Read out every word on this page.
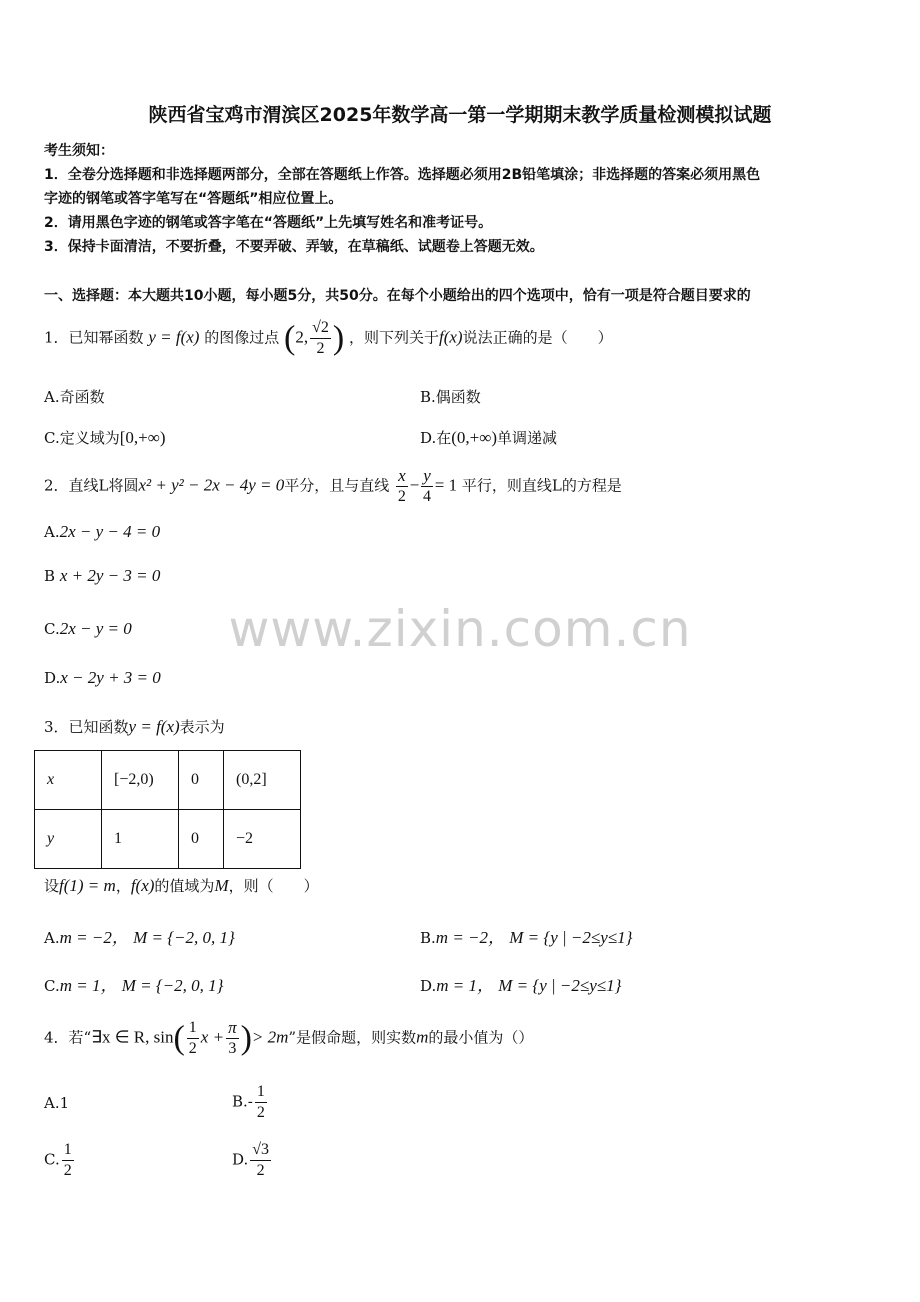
陕西省宝鸡市渭滨区2025年数学高一第一学期期末教学质量检测模拟试题
考生须知：
1．全卷分选择题和非选择题两部分，全部在答题纸上作答。选择题必须用2B铅笔填涂；非选择题的答案必须用黑色
字迹的钢笔或答字笔写在“答题纸”相应位置上。
2．请用黑色字迹的钢笔或答字笔在“答题纸”上先填写姓名和准考证号。
3．保持卡面清洁，不要折叠，不要弄破、弄皱，在草稿纸、试题卷上答题无效。
一、选择题：本大题共10小题，每小题5分，共50分。在每个小题给出的四个选项中，恰有一项是符合题目要求的
www.zixin.com.cn
1．已知幂函数 y = f(x) 的图像过点 (2, $\frac{√2}{2}$ ) ，则下列关于f(x)说法正确的是（　　）
A.奇函数	B.偶函数
C.定义域为[0,+∞)	D.在(0,+∞)单调递减
2．直线L将圆x² + y² − 2x − 4y = 0平分，且与直线 $\frac{x}{2} - \frac{y}{4} = 1$ 平行，则直线L的方程是
A.2x − y − 4 = 0
B x + 2y − 3 = 0
C.2x − y = 0
D.x − 2y + 3 = 0
3．已知函数y = f(x)表示为
x	[−2,0)	0	(0,2]
y	1	0	−2
设f(1) = m，f(x)的值域为M，则（　　）
A.m = −2， M = {−2, 0, 1}	B.m = −2， M = {y | −2≤y≤1}
C.m = 1， M = {−2, 0, 1}	D.m = 1， M = {y | −2≤y≤1}
4．若“∃x ∈ R, $\sin( \frac{1}{2}$ $x + \frac{\pi}{3}$ )> 2m”是假命题，则实数m的最小值为（）
A.1	$B.- \frac{1}{2}$
C. $\frac{1}{2}$	D. $\frac{√3}{2}$
